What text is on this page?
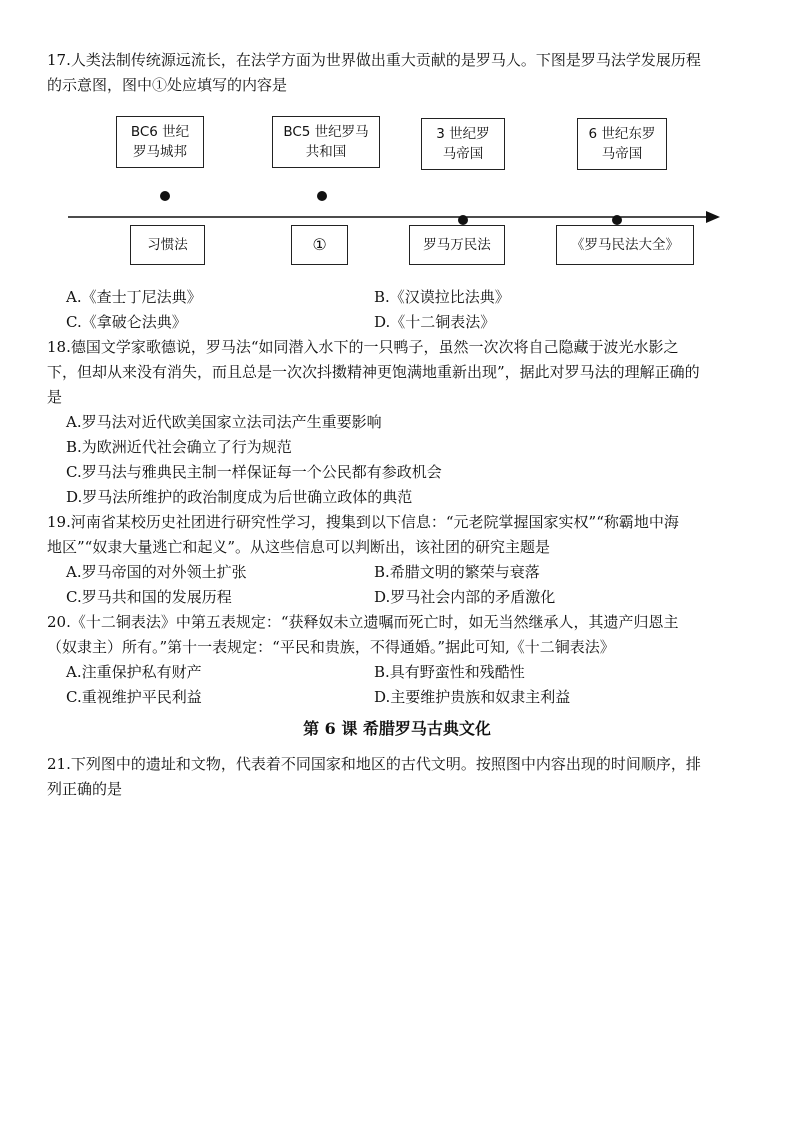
17.人类法制传统源远流长，在法学方面为世界做出重大贡献的是罗马人。下图是罗马法学发展历程
的示意图，图中①处应填写的内容是
BC6 世纪
罗马城邦
BC5 世纪罗马
共和国
3 世纪罗
马帝国
6 世纪东罗
马帝国
习惯法	①	罗马万民法	《罗马民法大全》
A.《查士丁尼法典》	B.《汉谟拉比法典》
C.《拿破仑法典》	D.《十二铜表法》
18.德国文学家歌德说，罗马法“如同潜入水下的一只鸭子，虽然一次次将自己隐藏于波光水影之
下，但却从来没有消失，而且总是一次次抖擞精神更饱满地重新出现”，据此对罗马法的理解正确的
是
A.罗马法对近代欧美国家立法司法产生重要影响
B.为欧洲近代社会确立了行为规范
C.罗马法与雅典民主制一样保证每一个公民都有参政机会
D.罗马法所维护的政治制度成为后世确立政体的典范
19.河南省某校历史社团进行研究性学习，搜集到以下信息：“元老院掌握国家实权”“称霸地中海
地区”“奴隶大量逃亡和起义”。从这些信息可以判断出，该社团的研究主题是
A.罗马帝国的对外领土扩张	B.希腊文明的繁荣与衰落
C.罗马共和国的发展历程	D.罗马社会内部的矛盾激化
20.《十二铜表法》中第五表规定：“获释奴未立遗嘱而死亡时，如无当然继承人，其遗产归恩主
（奴隶主）所有。”第十一表规定：“平民和贵族，不得通婚。”据此可知,《十二铜表法》
A.注重保护私有财产	B.具有野蛮性和残酷性
C.重视维护平民利益	D.主要维护贵族和奴隶主利益
第 6 课 希腊罗马古典文化
21.下列图中的遗址和文物，代表着不同国家和地区的古代文明。按照图中内容出现的时间顺序，排
列正确的是
